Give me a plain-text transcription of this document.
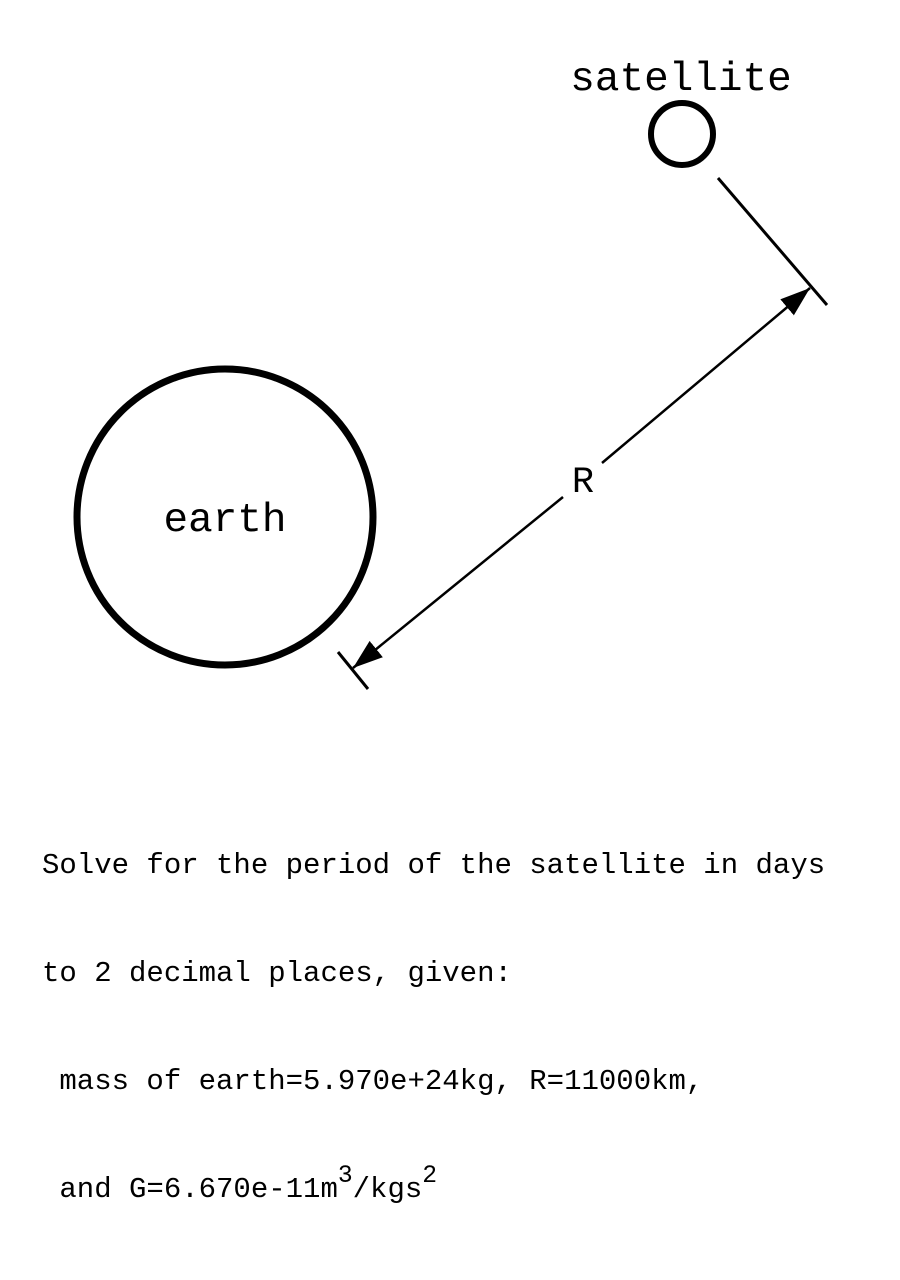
satellite
earth
R

Solve for the period of the satellite in days

to 2 decimal places, given:

mass of earth=5.970e+24kg, R=11000km,

and $G=6.670e-11m^3/kgs^2$
